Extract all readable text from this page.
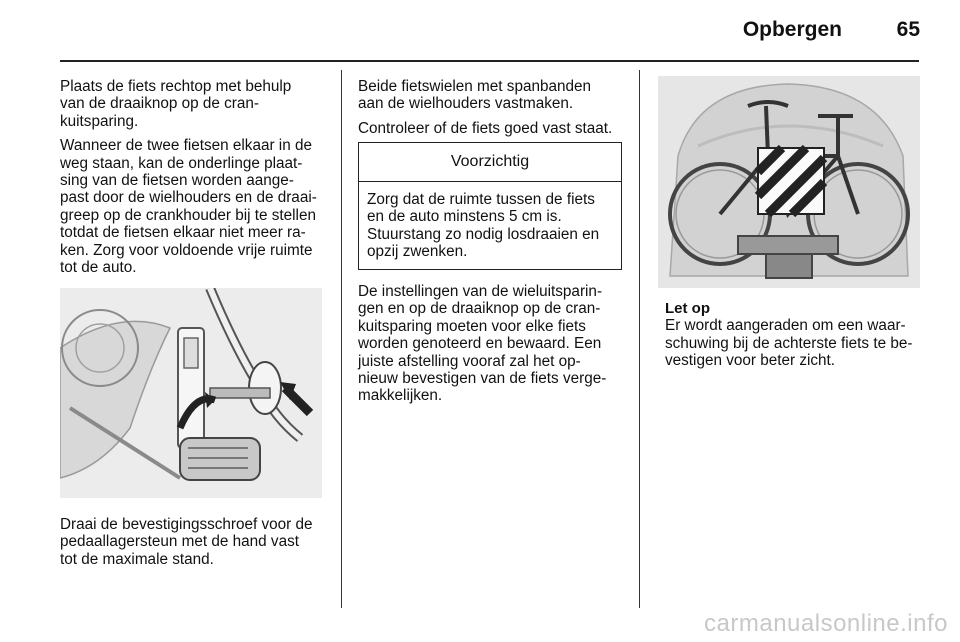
Opbergen	65

Plaats de fiets rechtop met behulp
van de draaiknop op de cran-
kuitsparing.

Wanneer de twee fietsen elkaar in de
weg staan, kan de onderlinge plaat-
sing van de fietsen worden aange-
past door de wielhouders en de draai-
greep op de crankhouder bij te stellen
totdat de fietsen elkaar niet meer ra-
ken. Zorg voor voldoende vrije ruimte
tot de auto.

Draai de bevestigingsschroef voor de
pedaallagersteun met de hand vast
tot de maximale stand.

Beide fietswielen met spanbanden
aan de wielhouders vastmaken.

Controleer of de fiets goed vast staat.

Voorzichtig
Zorg dat de ruimte tussen de fiets
en de auto minstens 5 cm is.
Stuurstang zo nodig losdraaien en
opzij zwenken.

De instellingen van de wieluitsparin-
gen en op de draaiknop op de cran-
kuitsparing moeten voor elke fiets
worden genoteerd en bewaard. Een
juiste afstelling vooraf zal het op-
nieuw bevestigen van de fiets verge-
makkelijken.

Let op

Er wordt aangeraden om een waar-
schuwing bij de achterste fiets te be-
vestigen voor beter zicht.

carmanualsonline.info
